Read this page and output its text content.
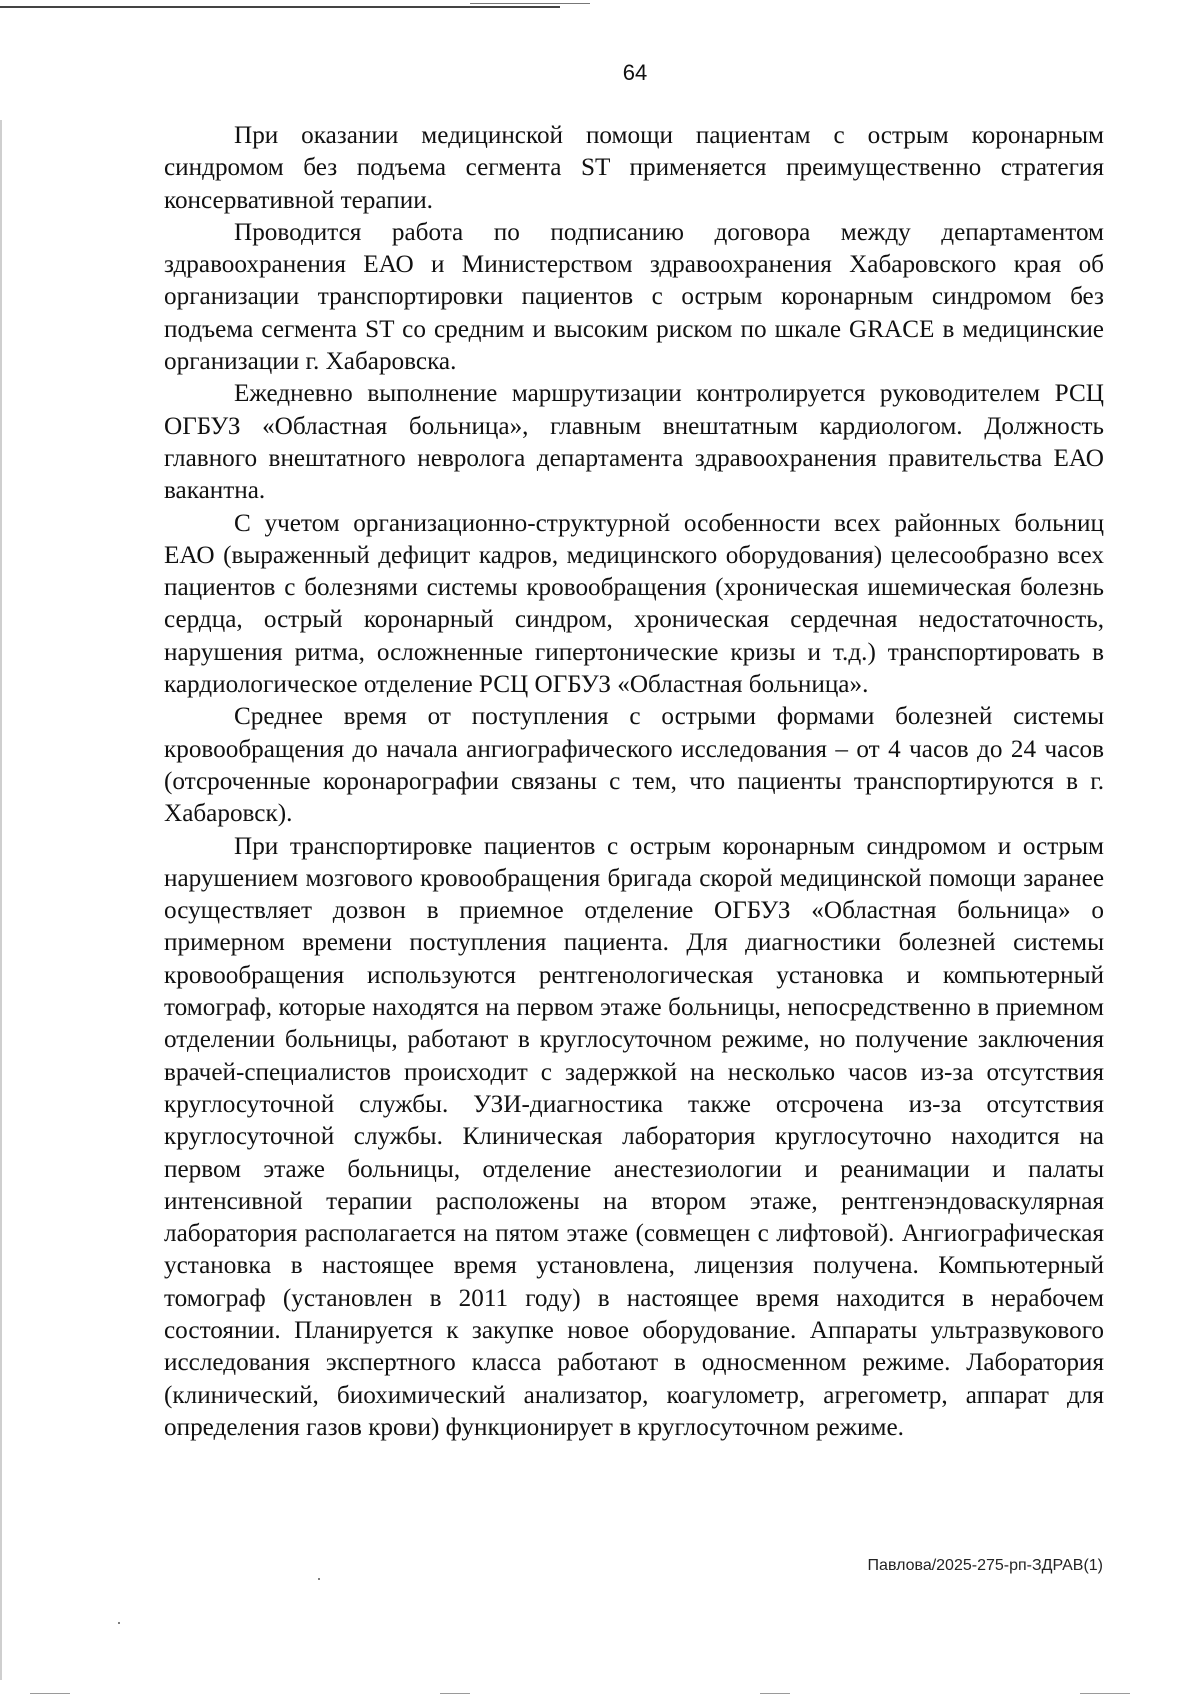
64

При оказании медицинской помощи пациентам с острым коронарным синдромом без подъема сегмента ST применяется преимущественно стратегия консервативной терапии.

Проводится работа по подписанию договора между департаментом здравоохранения ЕАО и Министерством здравоохранения Хабаровского края об организации транспортировки пациентов с острым коронарным синдромом без подъема сегмента ST со средним и высоким риском по шкале GRACE в медицинские организации г. Хабаровска.

Ежедневно выполнение маршрутизации контролируется руководителем РСЦ ОГБУЗ «Областная больница», главным внештатным кардиологом. Должность главного внештатного невролога департамента здравоохранения правительства ЕАО вакантна.

С учетом организационно-структурной особенности всех районных больниц ЕАО (выраженный дефицит кадров, медицинского оборудования) целесообразно всех пациентов с болезнями системы кровообращения (хроническая ишемическая болезнь сердца, острый коронарный синдром, хроническая сердечная недостаточность, нарушения ритма, осложненные гипертонические кризы и т.д.) транспортировать в кардиологическое отделение РСЦ ОГБУЗ «Областная больница».

Среднее время от поступления с острыми формами болезней системы кровообращения до начала ангиографического исследования – от 4 часов до 24 часов (отсроченные коронарографии связаны с тем, что пациенты транспортируются в г. Хабаровск).

При транспортировке пациентов с острым коронарным синдромом и острым нарушением мозгового кровообращения бригада скорой медицинской помощи заранее осуществляет дозвон в приемное отделение ОГБУЗ «Областная больница» о примерном времени поступления пациента. Для диагностики болезней системы кровообращения используются рентгенологическая установка и компьютерный томограф, которые находятся на первом этаже больницы, непосредственно в приемном отделении больницы, работают в круглосуточном режиме, но получение заключения врачей-специалистов происходит с задержкой на несколько часов из-за отсутствия круглосуточной службы. УЗИ-диагностика также отсрочена из-за отсутствия круглосуточной службы. Клиническая лаборатория круглосуточно находится на первом этаже больницы, отделение анестезиологии и реанимации и палаты интенсивной терапии расположены на втором этаже, рентгенэндоваскулярная лаборатория располагается на пятом этаже (совмещен с лифтовой). Ангиографическая установка в настоящее время установлена, лицензия получена. Компьютерный томограф (установлен в 2011 году) в настоящее время находится в нерабочем состоянии. Планируется к закупке новое оборудование. Аппараты ультразвукового исследования экспертного класса работают в односменном режиме. Лаборатория (клинический, биохимический анализатор, коагулометр, агрегометр, аппарат для определения газов крови) функционирует в круглосуточном режиме.

Павлова/2025-275-рп-ЗДРАВ(1)
